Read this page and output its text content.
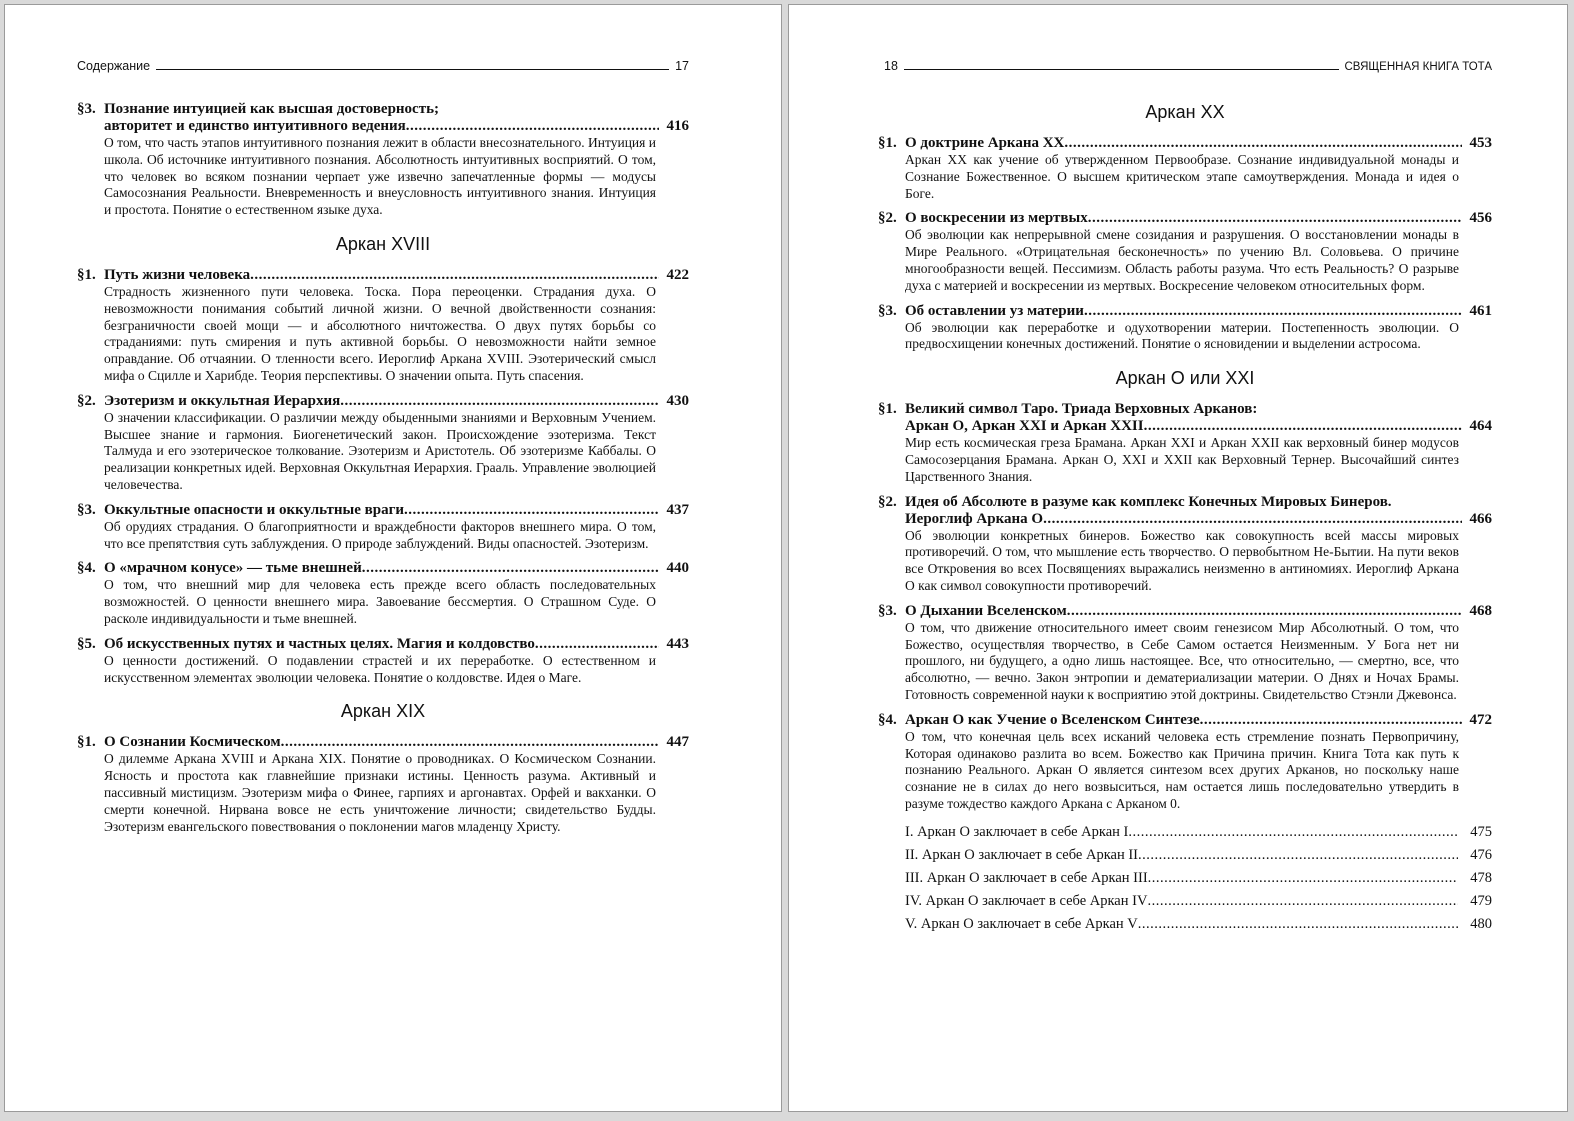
Содержание	17
§3. Познание интуицией как высшая достоверность;
авторитет и единство интуитивного ведения .....	416
О том, что часть этапов интуитивного познания лежит в области внесознательного. Интуиция и школа. Об источнике интуитивного познания. Абсолютность интуитивных восприятий. О том, что человек во всяком познании черпает уже извечно запечатленные формы — модусы Самосознания Реальности. Вневременность и внеусловность интуитивного знания. Интуиция и простота. Понятие о естественном языке духа.
Аркан XVIII
§1. Путь жизни человека .....	422
Страдность жизненного пути человека. Тоска. Пора переоценки. Страдания духа. О невозможности понимания событий личной жизни. О вечной двойственности сознания: безграничности своей мощи — и абсолютного ничтожества. О двух путях борьбы со страданиями: путь смирения и путь активной борьбы. О невозможности найти земное оправдание. Об отчаянии. О тленности всего. Иероглиф Аркана XVIII. Эзотерический смысл мифа о Сцилле и Харибде. Теория перспективы. О значении опыта. Путь спасения.
§2. Эзотеризм и оккультная Иерархия .....	430
О значении классификации. О различии между обыденными знаниями и Верховным Учением. Высшее знание и гармония. Биогенетический закон. Происхождение эзотеризма. Текст Талмуда и его эзотерическое толкование. Эзотеризм и Аристотель. Об эзотеризме Каббалы. О реализации конкретных идей. Верховная Оккультная Иерархия. Грааль. Управление эволюцией человечества.
§3. Оккультные опасности и оккультные враги .....	437
Об орудиях страдания. О благоприятности и враждебности факторов внешнего мира. О том, что все препятствия суть заблуждения. О природе заблуждений. Виды опасностей. Эзотеризм.
§4. О «мрачном конусе» — тьме внешней .....	440
О том, что внешний мир для человека есть прежде всего область последовательных возможностей. О ценности внешнего мира. Завоевание бессмертия. О Страшном Суде. О расколе индивидуальности и тьме внешней.
§5. Об искусственных путях и частных целях. Магия и колдовство .....	443
О ценности достижений. О подавлении страстей и их переработке. О естественном и искусственном элементах эволюции человека. Понятие о колдовстве. Идея о Маге.
Аркан XIX
§1. О Сознании Космическом .....	447
О дилемме Аркана XVIII и Аркана XIX. Понятие о проводниках. О Космическом Сознании. Ясность и простота как главнейшие признаки истины. Ценность разума. Активный и пассивный мистицизм. Эзотеризм мифа о Финее, гарпиях и аргонавтах. Орфей и вакханки. О смерти конечной. Нирвана вовсе не есть уничтожение личности; свидетельство Будды. Эзотеризм евангельского повествования о поклонении магов младенцу Христу.
18	СВЯЩЕННАЯ КНИГА ТОТА
Аркан XX
§1. О доктрине Аркана XX .....	453
Аркан XX как учение об утвержденном Первообразе. Сознание индивидуальной монады и Сознание Божественное. О высшем критическом этапе самоутверждения. Монада и идея о Боге.
§2. О воскресении из мертвых .....	456
Об эволюции как непрерывной смене созидания и разрушения. О восстановлении монады в Мире Реального. «Отрицательная бесконечность» по учению Вл. Соловьева. О причине многообразности вещей. Пессимизм. Область работы разума. Что есть Реальность? О разрыве духа с материей и воскресении из мертвых. Воскресение человеком относительных форм.
§3. Об оставлении уз материи .....	461
Об эволюции как переработке и одухотворении материи. Постепенность эволюции. О предвосхищении конечных достижений. Понятие о ясновидении и выделении астросома.
Аркан O или XXI
§1. Великий символ Таро. Триада Верховных Арканов:
Аркан O, Аркан XXI и Аркан XXII .....	464
Мир есть космическая греза Брамана. Аркан XXI и Аркан XXII как верховный бинер модусов Самосозерцания Брамана. Аркан O, XXI и XXII как Верховный Тернер. Высочайший синтез Царственного Знания.
§2. Идея об Абсолюте в разуме как комплекс Конечных Мировых Бинеров.
Иероглиф Аркана O .....	466
Об эволюции конкретных бинеров. Божество как совокупность всей массы мировых противоречий. О том, что мышление есть творчество. О первобытном Не-Бытии. На пути веков все Откровения во всех Посвящениях выражались неизменно в антиномиях. Иероглиф Аркана O как символ совокупности противоречий.
§3. О Дыхании Вселенском .....	468
О том, что движение относительного имеет своим генезисом Мир Абсолютный. О том, что Божество, осуществляя творчество, в Себе Самом остается Неизменным. У Бога нет ни прошлого, ни будущего, а одно лишь настоящее. Все, что относительно, — смертно, все, что абсолютно, — вечно. Закон энтропии и дематериализации материи. О Днях и Ночах Брамы. Готовность современной науки к восприятию этой доктрины. Свидетельство Стэнли Джевонса.
§4. Аркан O как Учение о Вселенском Синтезе .....	472
О том, что конечная цель всех исканий человека есть стремление познать Первопричину, Которая одинаково разлита во всем. Божество как Причина причин. Книга Тота как путь к познанию Реального. Аркан O является синтезом всех других Арканов, но поскольку наше сознание не в силах до него возвыситься, нам остается лишь последовательно утвердить в разуме тождество каждого Аркана с Арканом 0.
I. Аркан O заключает в себе Аркан I .....	475
II. Аркан O заключает в себе Аркан II .....	476
III. Аркан O заключает в себе Аркан III .....	478
IV. Аркан O заключает в себе Аркан IV .....	479
V. Аркан O заключает в себе Аркан V .....	480
